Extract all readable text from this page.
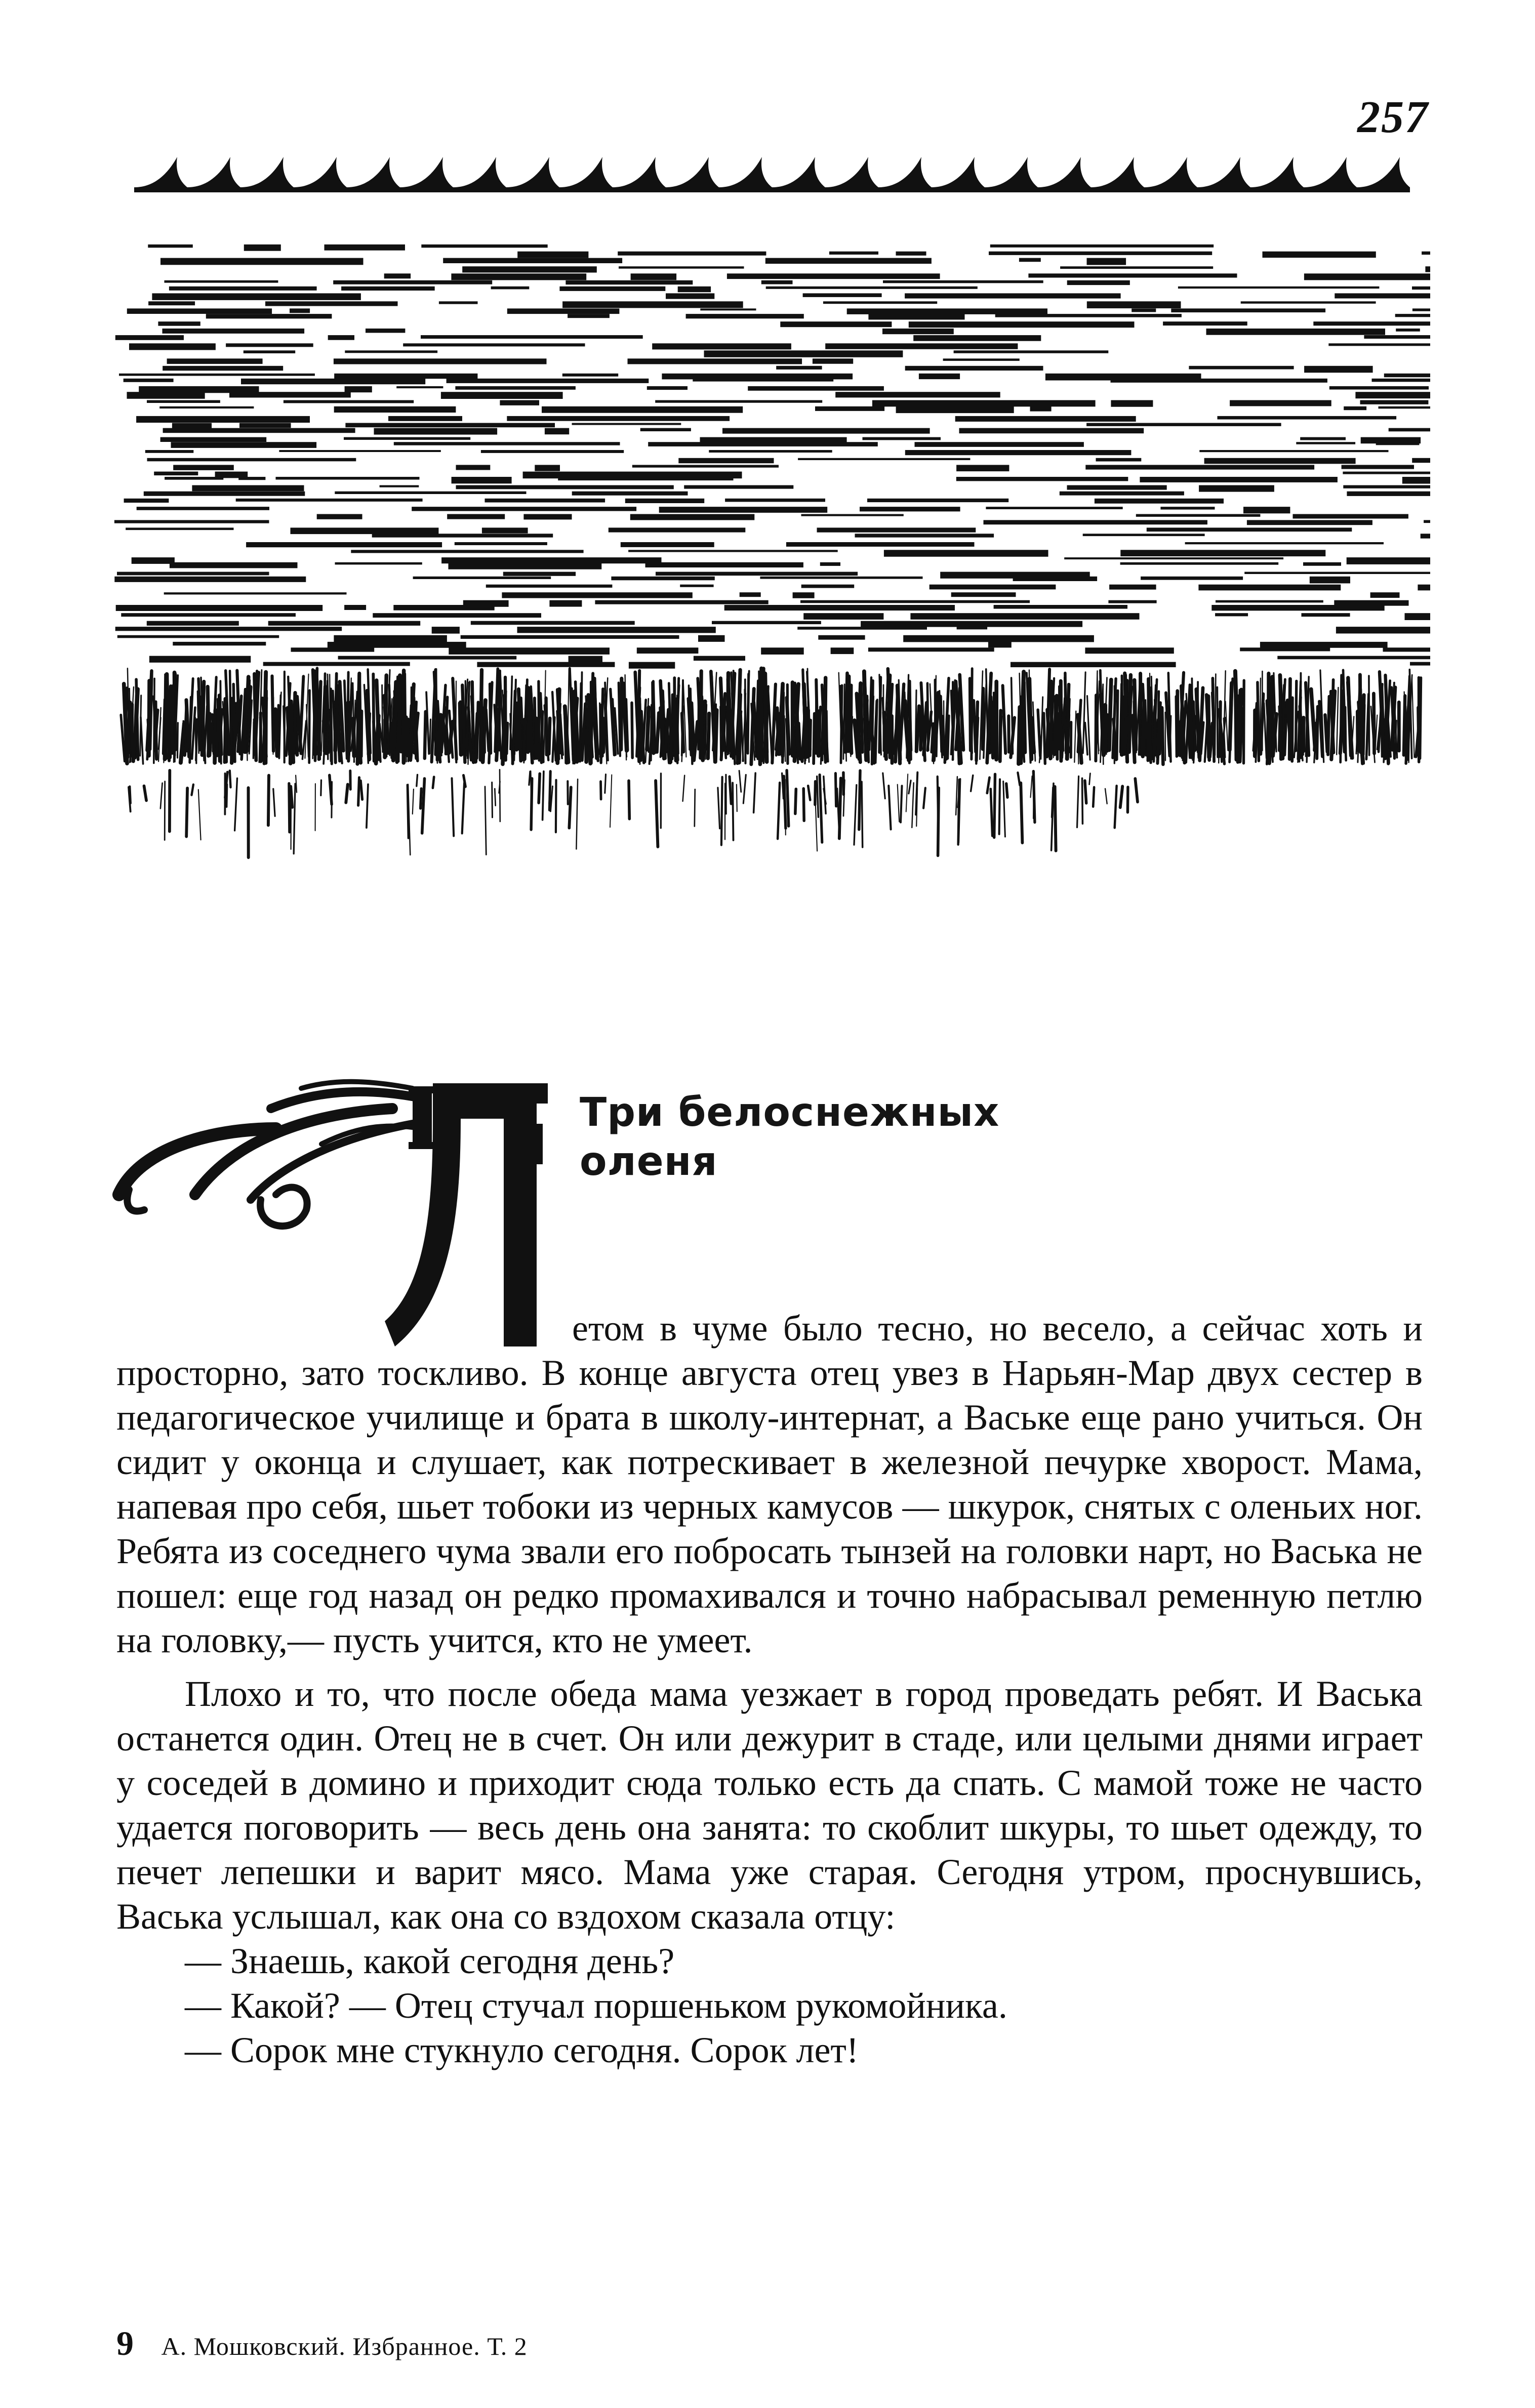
257
Три белоснежных
оленя

етом в чуме было тесно, но весело, а сейчас хоть и просторно, зато тоскливо. В конце августа отец увез в Нарьян-Мар двух сестер в педагогическое училище и брата в школу-интернат, а Ваське еще рано учиться. Он сидит у оконца и слушает, как потрескивает в железной печурке хворост. Мама, напевая про себя, шьет тобоки из черных камусов — шкурок, снятых с оленьих ног. Ребята из соседнего чума звали его побросать тынзей на головки нарт, но Васька не пошел: еще год назад он редко промахивался и точно набрасывал ременную петлю на головку,— пусть учится, кто не умеет.

Плохо и то, что после обеда мама уезжает в город проведать ребят. И Васька останется один. Отец не в счет. Он или дежурит в стаде, или целыми днями играет у соседей в домино и приходит сюда только есть да спать. С мамой тоже не часто удается поговорить — весь день она занята: то скоблит шкуры, то шьет одежду, то печет лепешки и варит мясо. Мама уже старая. Сегодня утром, проснувшись, Васька услышал, как она со вздохом сказала отцу:

— Знаешь, какой сегодня день?

— Какой? — Отец стучал поршеньком рукомойника.

— Сорок мне стукнуло сегодня. Сорок лет!

9 А. Мошковский. Избранное. Т. 2
